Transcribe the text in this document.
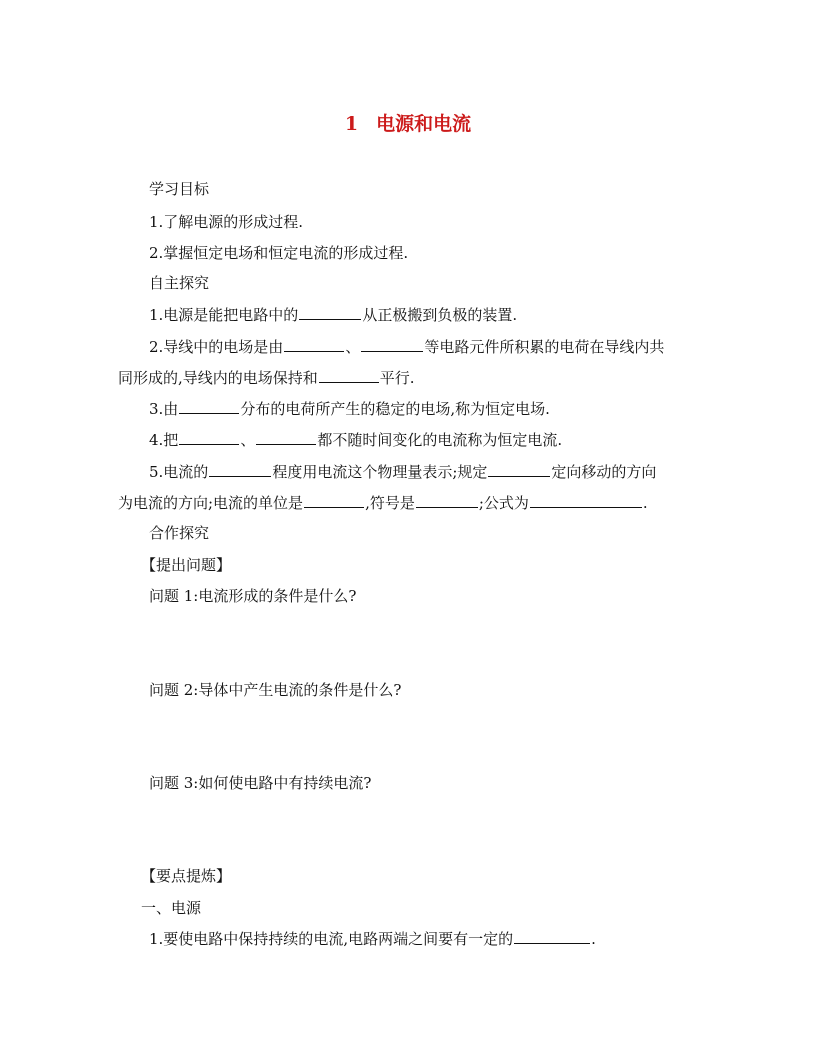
1 电源和电流
学习目标
1.了解电源的形成过程.
2.掌握恒定电场和恒定电流的形成过程.
自主探究
1.电源是能把电路中的	从正极搬到负极的装置.
2.导线中的电场是由	、	等电路元件所积累的电荷在导线内共
同形成的,导线内的电场保持和	平行.
3.由	分布的电荷所产生的稳定的电场,称为恒定电场.
4.把	、	都不随时间变化的电流称为恒定电流.
5.电流的	程度用电流这个物理量表示;规定	定向移动的方向
为电流的方向;电流的单位是	,符号是	;公式为	.
合作探究
【提出问题】
问题 1:电流形成的条件是什么?
问题 2:导体中产生电流的条件是什么?
问题 3:如何使电路中有持续电流?
【要点提炼】
一、电源
1.要使电路中保持持续的电流,电路两端之间要有一定的	.
